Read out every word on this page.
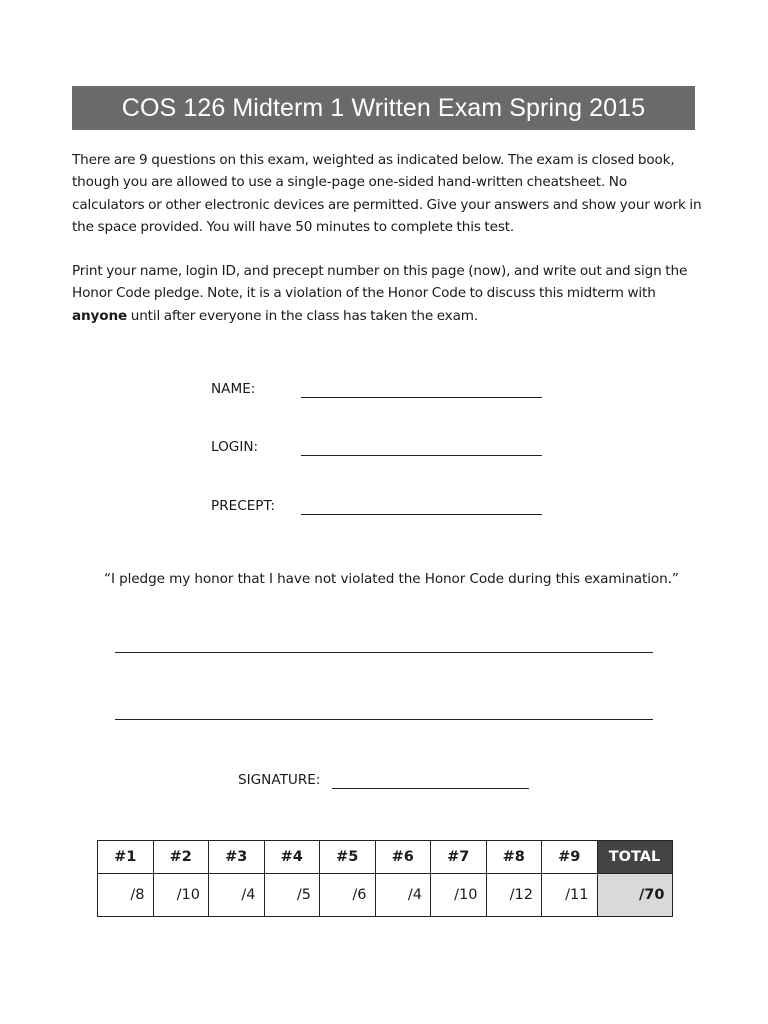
COS 126 Midterm 1 Written Exam Spring 2015

There are 9 questions on this exam, weighted as indicated below. The exam is closed book, though you are allowed to use a single-page one-sided hand-written cheatsheet. No calculators or other electronic devices are permitted. Give your answers and show your work in the space provided. You will have 50 minutes to complete this test.

Print your name, login ID, and precept number on this page (now), and write out and sign the Honor Code pledge. Note, it is a violation of the Honor Code to discuss this midterm with anyone until after everyone in the class has taken the exam.

NAME:
LOGIN:
PRECEPT:
“I pledge my honor that I have not violated the Honor Code during this examination.”
SIGNATURE:
#1	#2	#3	#4	#5	#6	#7	#8	#9	TOTAL
/8	/10	/4	/5	/6	/4	/10	/12	/11	/70
